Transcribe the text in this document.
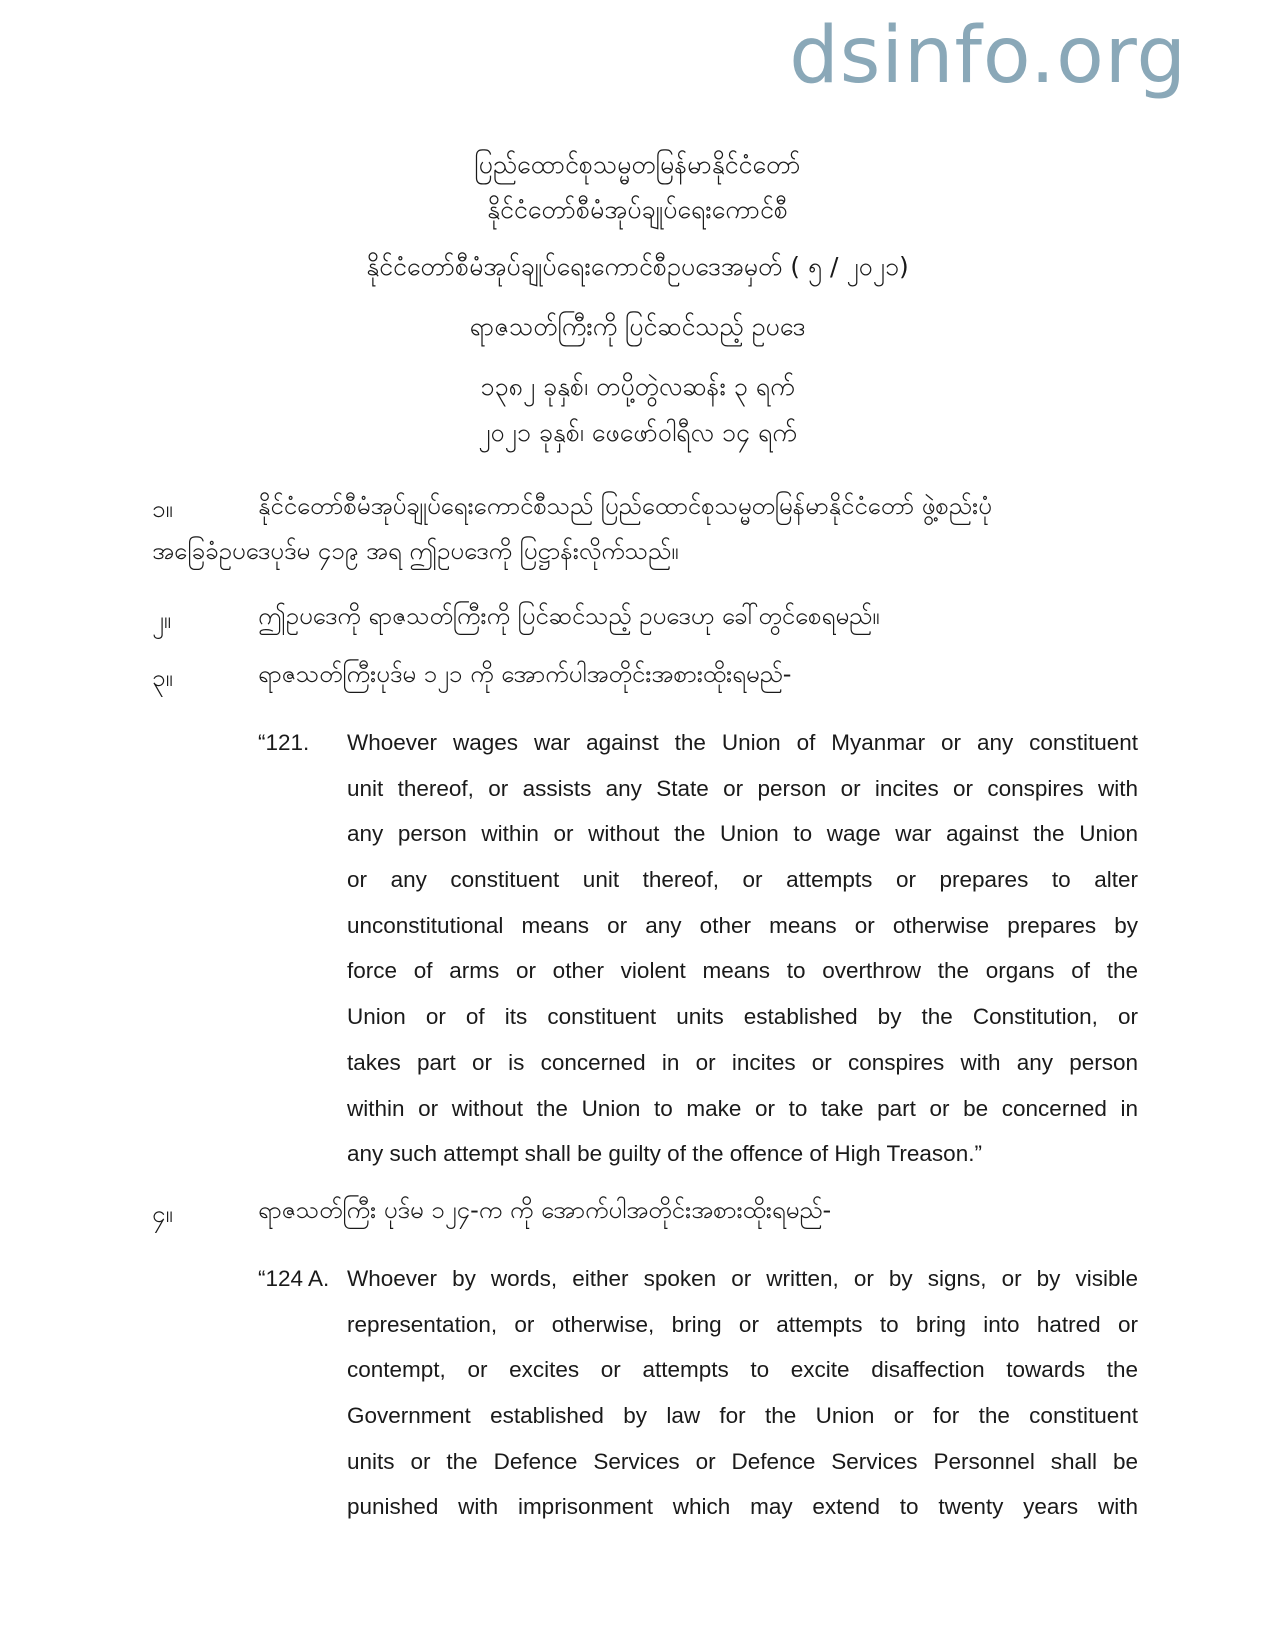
dsinfo.org
ပြည်ထောင်စုသမ္မတမြန်မာနိုင်ငံတော်
နိုင်ငံတော်စီမံအုပ်ချုပ်ရေးကောင်စီ
နိုင်ငံတော်စီမံအုပ်ချုပ်ရေးကောင်စီဥပဒေအမှတ် ( ၅ / ၂၀၂၁)
ရာဇသတ်ကြီးကို ပြင်ဆင်သည့် ဥပဒေ
၁၃၈၂ ခုနှစ်၊ တပို့တွဲလဆန်း ၃ ရက်
၂၀၂၁ ခုနှစ်၊ ဖေဖော်ဝါရီလ ၁၄ ရက်
၁။	နိုင်ငံတော်စီမံအုပ်ချုပ်ရေးကောင်စီသည် ပြည်ထောင်စုသမ္မတမြန်မာနိုင်ငံတော် ဖွဲ့စည်းပုံ
အခြေခံဥပဒေပုဒ်မ ၄၁၉ အရ ဤဥပဒေကို ပြဋ္ဌာန်းလိုက်သည်။
၂။	ဤဥပဒေကို ရာဇသတ်ကြီးကို ပြင်ဆင်သည့် ဥပဒေဟု ခေါ်တွင်စေရမည်။
၃။	ရာဇသတ်ကြီးပုဒ်မ ၁၂၁ ကို အောက်ပါအတိုင်းအစားထိုးရမည်-
“121. Whoever wages war against the Union of Myanmar or any constituent
unit thereof, or assists any State or person or incites or conspires with
any person within or without the Union to wage war against the Union
or any constituent unit thereof, or attempts or prepares to alter
unconstitutional means or any other means or otherwise prepares by
force of arms or other violent means to overthrow the organs of the
Union or of its constituent units established by the Constitution, or
takes part or is concerned in or incites or conspires with any person
within or without the Union to make or to take part or be concerned in
any such attempt shall be guilty of the offence of High Treason.”
၄။	ရာဇသတ်ကြီး ပုဒ်မ ၁၂၄-က ကို အောက်ပါအတိုင်းအစားထိုးရမည်-
“124 A. Whoever by words, either spoken or written, or by signs, or by visible
representation, or otherwise, bring or attempts to bring into hatred or
contempt, or excites or attempts to excite disaffection towards the
Government established by law for the Union or for the constituent
units or the Defence Services or Defence Services Personnel shall be
punished with imprisonment which may extend to twenty years with
